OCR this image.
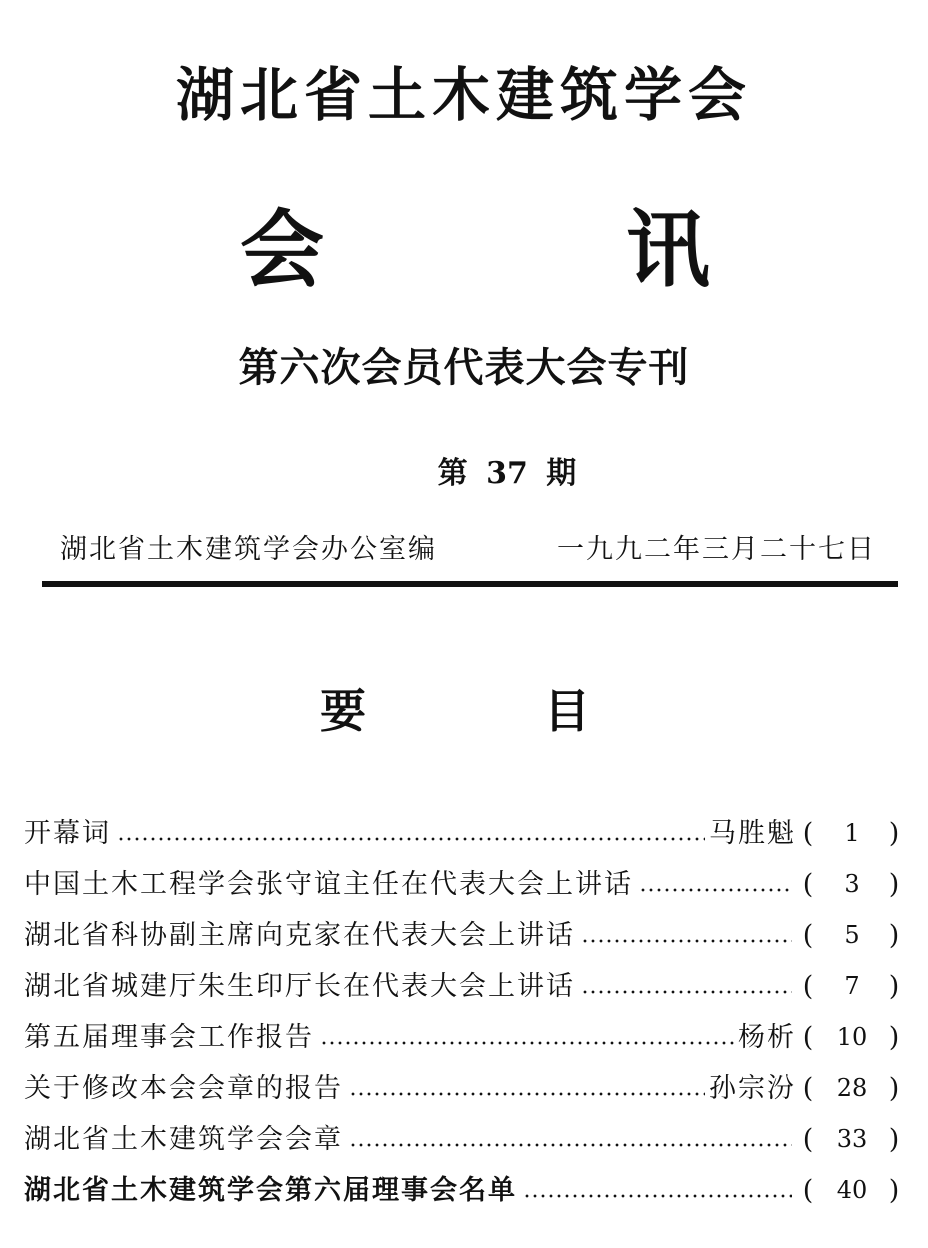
湖北省土木建筑学会
会	讯
第六次会员代表大会专刊
第 37 期
湖北省土木建筑学会办公室编	一九九二年三月二十七日
要	目
开幕词	马胜魁 (	1	)
中国土木工程学会张守谊主任在代表大会上讲话	(	3	)
湖北省科协副主席向克家在代表大会上讲话	(	5	)
湖北省城建厅朱生印厅长在代表大会上讲话	(	7	)
第五届理事会工作报告	杨析 ( 10 )
关于修改本会会章的报告	孙宗汾 ( 28 )
湖北省土木建筑学会会章	( 33 )
湖北省土木建筑学会第六届理事会名单	( 40 )
